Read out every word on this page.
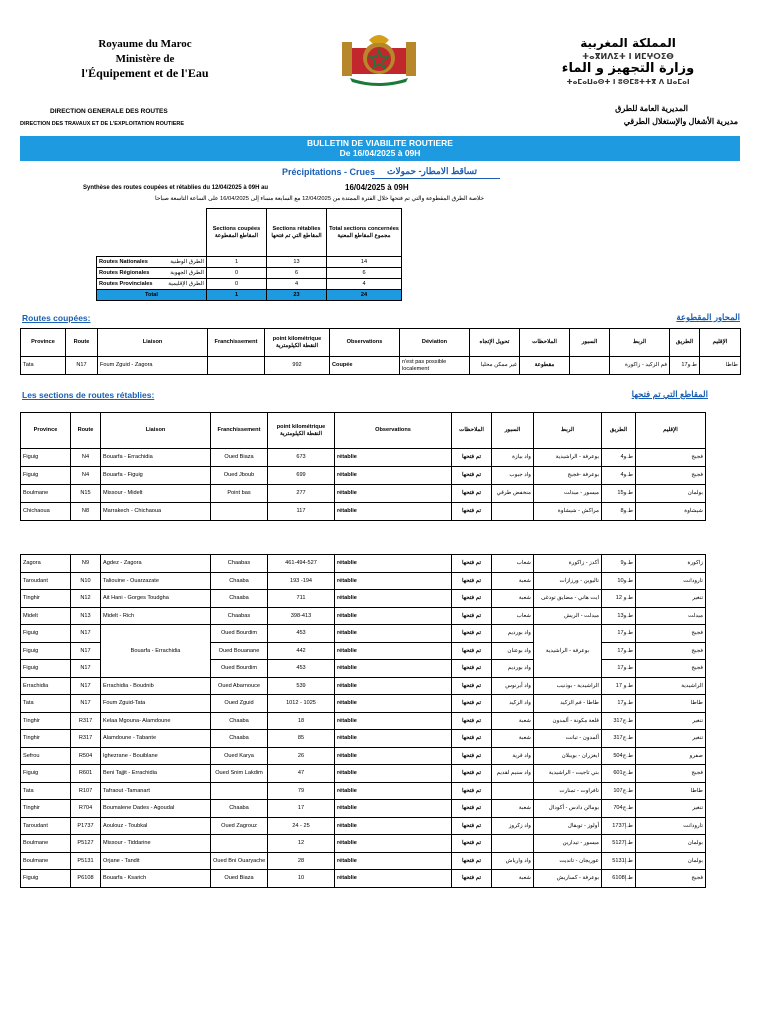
Royaume du Maroc
Ministère de
l'Équipement et de l'Eau
المملكة المغربية
ⵜⴰⴳⵍⴷⵉⵜ ⵏ ⵍⵎⵖⵔⵉⴱ
وزارة التجهيز و الماء
ⵜⴰⵎⴰⵡⴰⵙⵜ ⵏ ⵓⵙⵎⵓⵜⵜⴳ ⴷ ⵡⴰⵎⴰⵏ
DIRECTION GENERALE DES ROUTES
DIRECTION DES TRAVAUX ET DE L'EXPLOITATION ROUTIERE
المديرية العامة للطرق
مديرية الأشغال والإستغلال الطرقي
BULLETIN DE VIABILITE ROUTIERE
De 16/04/2025 à 09H
Précipitations - Crues تساقط الامطار- حمولات
Synthèse des routes coupées et rétablies du 12/04/2025 à 09H au	16/04/2025 à 09H
خلاصة الطرق المقطوعة والتي تم فتحها خلال الفترة الممتدة من 12/04/2025 مع السابعة مساء إلى 16/04/2025 على الساعة التاسعة صباحا
	Sections coupées
المقاطع المقطوعة	Sections rétablies
المقاطع التي تم فتحها	Total sections concernées
مجموع المقاطع المعنية
Routes Nationales الطرق الوطنية	1	13	14
Routes Régionales الطرق الجهوية	0	6	6
Routes Provinciales الطرق الإقليمية	0	4	4
Total	1	23	24
Routes coupées:	المحاور المقطوعة
Province	Route	Liaison	Franchissement	point kilométrique
النقطة الكيلومترية	Observations	Déviation	تحويل الإتجاه	الملاحظات	السبور	الربط	الطريق	الإقليم
Tata	N17	Foum Zguid - Zagora		992	Coupée	n'est pas possible localement	غير ممكن محليا	مقطوعة		فم الزكيد - زاكورة	ط.و17	طاطا
Les sections de routes rétablies:	المقاطع التي تم فتحها
Province	Route	Liaison	Franchissement	point kilométrique
النقطة الكيلومترية	Observations	الملاحظات	السبور	الربط	الطريق	الإقليم
Figuig	N4	Bouarfa - Errachidia	Oued Biaza	673	rétablie	تم فتحها	واد بيازة	بوعرفة - الراشيدية	ط.و4	فجيج
Figuig	N4	Bouarfa - Figuig	Oued Jboub	699	rétablie	تم فتحها	واد جبوب	بوعرفة -فجيج	ط.و4	فجيج
Boulmane	N15	Missour - Midelt	Point bas	277	rétablie	تم فتحها	منخفض طرقي	ميسور - ميدلت	ط.و15	بولمان
Chichaoua	N8	Marrakech - Chichaoua		117	rétablie	تم فتحها		مراكش - شيشاوة	ط.و8	شيشاوة
Zagora	N9	Agdez - Zagora	Chaabas	461-494-527	rétablie	تم فتحها	شعاب	أكدز - زاكورة	ط.و9	زاكورة
Taroudant	N10	Taliouine - Ouarzazate	Chaaba	193 -194	rétablie	تم فتحها	شعبة	تاليوين - ورزازات	ط.و10	تارودانت
Tinghir	N12	Ait Hani - Gorges Toudgha	Chaaba	711	rétablie	تم فتحها	شعبة	ايت هاني - مضايق تودغى	ط.و 12	تنغير
Midelt	N13	Midelt - Rich	Chaabas	398-413	rétablie	تم فتحها	شعاب	ميدلت - الريش	ط.و13	ميدلت
Figuig	N17	Bouarfa - Errachidia	Oued Bourdim	453	rétablie	تم فتحها	واد بورديم	بوعرفة - الراشيدية	ط.و17	فجيج
Figuig	N17		Oued Bouanane	442	rétablie	تم فتحها	واد بوعنان		ط.و17	فجيج
Figuig	N17		Oued Bourdim	453	rétablie	تم فتحها	واد بورديم		ط.و17	فجيج
Errachidia	N17	Errachidia - Boudnib	Oued Abarnouce	539	rétablie	تم فتحها	واد أبرنوس	الراشيدية - بوذنيب	ط.و 17	الراشيدية
Tata	N17	Foum Zguid-Tata	Oued Zguid	1012 - 1025	rétablie	تم فتحها	واد الزكيد	طاطا - فم الزكيد	ط.و17	طاطا
Tinghir	R317	Kelaa Mgouna- Alamdoune	Chaaba	18	rétablie	تم فتحها	شعبة	قلعة مكونة - ألمدون	ط.ج317	تنغير
Tinghir	R317	Alamdoune - Tabante	Chaaba	85	rétablie	تم فتحها	شعبة	ألمدون - تبانت	ط.ج317	تنغير
Sefrou	R504	Ighezrane - Bouiblane	Oued Karya	26	rétablie	تم فتحها	واد قرية	ايغزران - بويبلان	ط.ج504	صفرو
Figuig	R601	Beni Tajjit - Errachidia	Oued Snim Lakdim	47	rétablie	تم فتحها	واد سنيم لقديم	بني تاجيت - الراشيدية	ط.ج601	فجيج
Tata	R107	Tafraout -Tamanart		79	rétablie	تم فتحها		تافراوت - تمنارت	ط.ج107	طاطا
Tinghir	R704	Boumalene Dades - Agoudal	Chaaba	17	rétablie	تم فتحها	شعبة	بومالن دادس - أكودال	ط.ج704	تنغير
Taroudant	P1737	Aoulouz - Toubkal	Oued Zagrouz	24 - 25	rétablie	تم فتحها	واد زكروز	أولوز - توبقال	ط.إ1737	تارودانت
Boulmane	P5127	Missour - Tiddarine		12	rétablie	تم فتحها		ميسور - تيدارين	ط.إ5127	بولمان
Boulmane	P5131	Orjane - Tandit	Oued Bni Ouaryache	28	rétablie	تم فتحها	واد وارياش	عوريجان - تانديت	ط.إ5131	بولمان
Figuig	P6108	Bouarfa - Ksarich	Oued Biaza	10	rétablie	تم فتحها	شعبة	بوعرفة - كساريش	ط.إ6108	فجيج
